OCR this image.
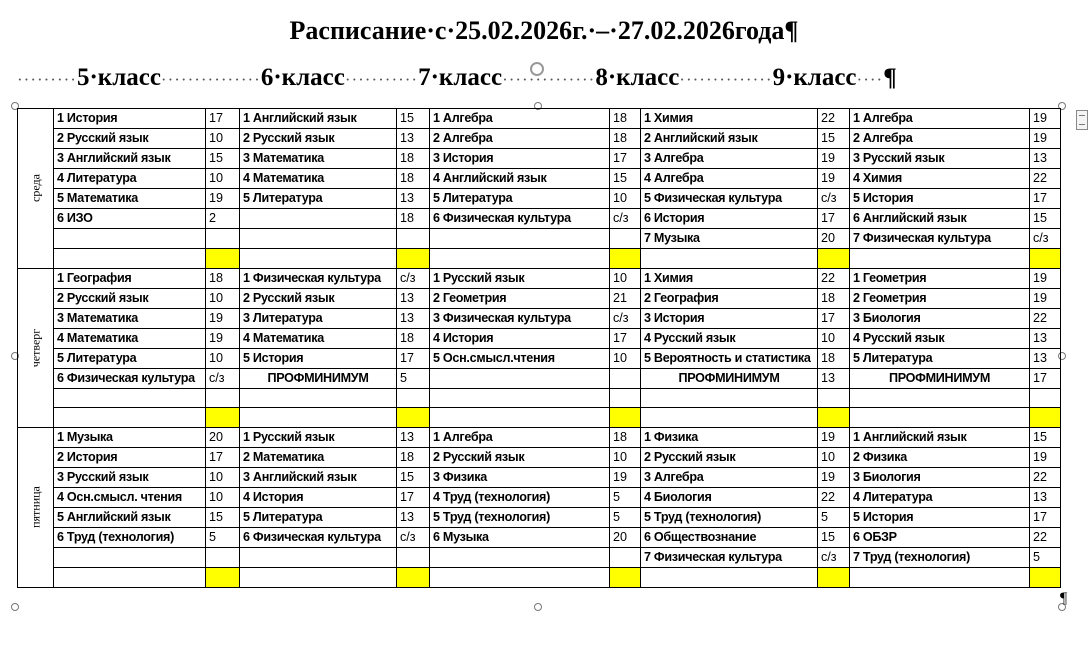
Расписание·с·25.02.2026г.·–·27.02.2026года¶
·········5·класс···············6·класс···········7·класс··············8·класс··············9·класс····¶
среда	1 История	17	1 Английский язык	15	1 Алгебра	18	1 Химия	22	1 Алгебра	19
	2 Русский язык	10	2 Русский язык	13	2 Алгебра	18	2 Английский язык	15	2 Алгебра	19
	3 Английский язык	15	3 Математика	18	3 История	17	3 Алгебра	19	3 Русский язык	13
	4 Литература	10	4 Математика	18	4 Английский язык	15	4 Алгебра	19	4 Химия	22
	5 Математика	19	5 Литература	13	5 Литература	10	5 Физическая культура	с/з	5 История	17
	6 ИЗО	2		18	6 Физическая культура	с/з	6 История	17	6 Английский язык	15
							7 Музыка	20	7 Физическая культура	с/з

четверг	1 География	18	1 Физическая культура	с/з	1 Русский язык	10	1 Химия	22	1 Геометрия	19
	2 Русский язык	10	2 Русский язык	13	2 Геометрия	21	2 География	18	2 Геометрия	19
	3 Математика	19	3 Литература	13	3 Физическая культура	с/з	3 История	17	3 Биология	22
	4 Математика	19	4 Математика	18	4 История	17	4 Русский язык	10	4 Русский язык	13
	5 Литература	10	5 История	17	5 Осн.смысл.чтения	10	5 Вероятность и статистика	18	5 Литература	13
	6 Физическая культура	с/з	ПРОФМИНИМУМ	5			ПРОФМИНИМУМ	13	ПРОФМИНИМУМ	17

пятница	1 Музыка	20	1 Русский язык	13	1 Алгебра	18	1 Физика	19	1 Английский язык	15
	2 История	17	2 Математика	18	2 Русский язык	10	2 Русский язык	10	2 Физика	19
	3 Русский язык	10	3 Английский язык	15	3 Физика	19	3 Алгебра	19	3 Биология	22
	4 Осн.смысл. чтения	10	4 История	17	4 Труд (технология)	5	4 Биология	22	4 Литература	13
	5 Английский язык	15	5 Литература	13	5 Труд (технология)	5	5 Труд (технология)	5	5 История	17
	6 Труд (технология)	5	6 Физическая культура	с/з	6 Музыка	20	6 Обществознание	15	6 ОБЗР	22
							7 Физическая культура	с/з	7 Труд (технология)	5

¶
